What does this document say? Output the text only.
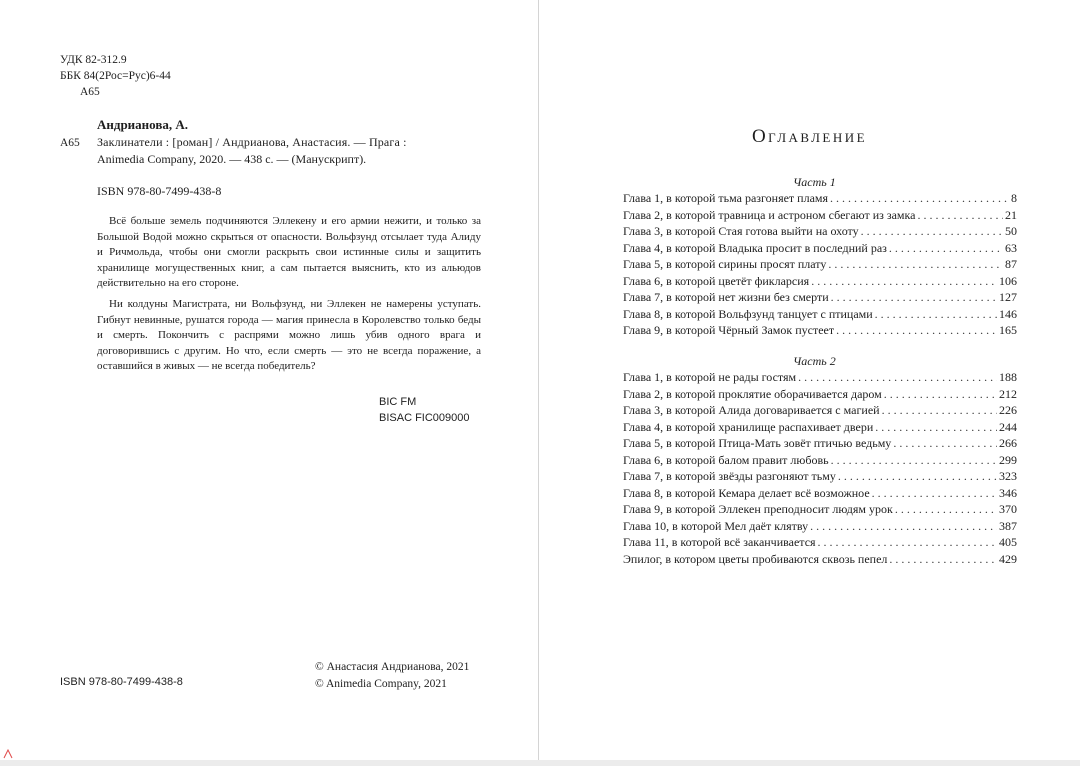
УДК 82-312.9
ББК 84(2Рос=Рус)6-44
А65
Андрианова, А.
А65 Заклинатели : [роман] / Андрианова, Анастасия. — Прага :
Animedia Company, 2020. — 438 с. — (Манускрипт).
ISBN 978-80-7499-438-8

Всё больше земель подчиняются Эллекену и его армии нежити, и только за Большой Водой можно скрыться от опасности. Вольфзунд отсылает туда Алиду и Ричмольда, чтобы они смогли раскрыть свои истинные силы и защитить хранилище могущественных книг, а сам пытается выяснить, кто из альюдов действительно на его стороне.

Ни колдуны Магистрата, ни Вольфзунд, ни Эллекен не намерены уступать. Гибнут невинные, рушатся города — магия принесла в Королевство только беды и смерть. Покончить с распрями можно лишь убив одного врага и договорившись с другим. Но что, если смерть — это не всегда поражение, а оставшийся в живых — не всегда победитель?

BIC FM
BISAC FIC009000
© Анастасия Андрианова, 2021
© Animedia Company, 2021
ISBN 978-80-7499-438-8
Оглавление
Часть 1
Глава 1, в которой тьма разгоняет пламя . . .	8
Глава 2, в которой травница и астроном сбегают из замка . . .	21
Глава 3, в которой Стая готова выйти на охоту . . .	50
Глава 4, в которой Владыка просит в последний раз . . .	63
Глава 5, в которой сирины просят плату . . .	87
Глава 6, в которой цветёт фикларсия . . .	106
Глава 7, в которой нет жизни без смерти . . .	127
Глава 8, в которой Вольфзунд танцует с птицами . . .	146
Глава 9, в которой Чёрный Замок пустеет . . .	165
Часть 2
Глава 1, в которой не рады гостям . . .	188
Глава 2, в которой проклятие оборачивается даром . . .	212
Глава 3, в которой Алида договаривается с магией . . .	226
Глава 4, в которой хранилище распахивает двери . . .	244
Глава 5, в которой Птица-Мать зовёт птичью ведьму . . .	266
Глава 6, в которой балом правит любовь . . .	299
Глава 7, в которой звёзды разгоняют тьму . . .	323
Глава 8, в которой Кемара делает всё возможное . . .	346
Глава 9, в которой Эллекен преподносит людям урок . . .	370
Глава 10, в которой Мел даёт клятву . . .	387
Глава 11, в которой всё заканчивается . . .	405
Эпилог, в котором цветы пробиваются сквозь пепел . . .	429
